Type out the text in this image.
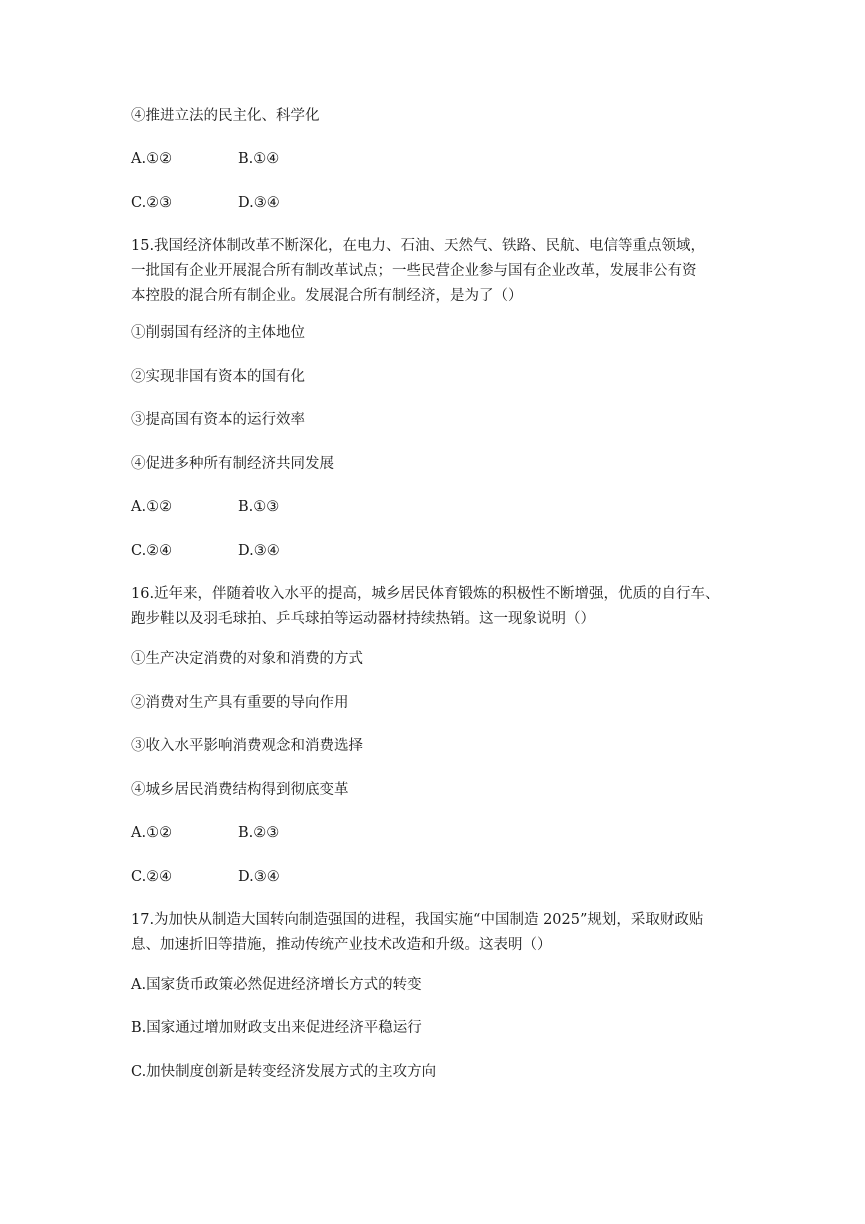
④推进立法的民主化、科学化
A.①②	B.①④
C.②③	D.③④
15.我国经济体制改革不断深化，在电力、石油、天然气、铁路、民航、电信等重点领域，
一批国有企业开展混合所有制改革试点；一些民营企业参与国有企业改革，发展非公有资
本控股的混合所有制企业。发展混合所有制经济，是为了（）
①削弱国有经济的主体地位
②实现非国有资本的国有化
③提高国有资本的运行效率
④促进多种所有制经济共同发展
A.①②	B.①③
C.②④	D.③④
16.近年来，伴随着收入水平的提高，城乡居民体育锻炼的积极性不断增强，优质的自行车、
跑步鞋以及羽毛球拍、乒乓球拍等运动器材持续热销。这一现象说明（）
①生产决定消费的对象和消费的方式
②消费对生产具有重要的导向作用
③收入水平影响消费观念和消费选择
④城乡居民消费结构得到彻底变革
A.①②	B.②③
C.②④	D.③④
17.为加快从制造大国转向制造强国的进程，我国实施“中国制造 2025”规划，采取财政贴
息、加速折旧等措施，推动传统产业技术改造和升级。这表明（）
A.国家货币政策必然促进经济增长方式的转变
B.国家通过增加财政支出来促进经济平稳运行
C.加快制度创新是转变经济发展方式的主攻方向
